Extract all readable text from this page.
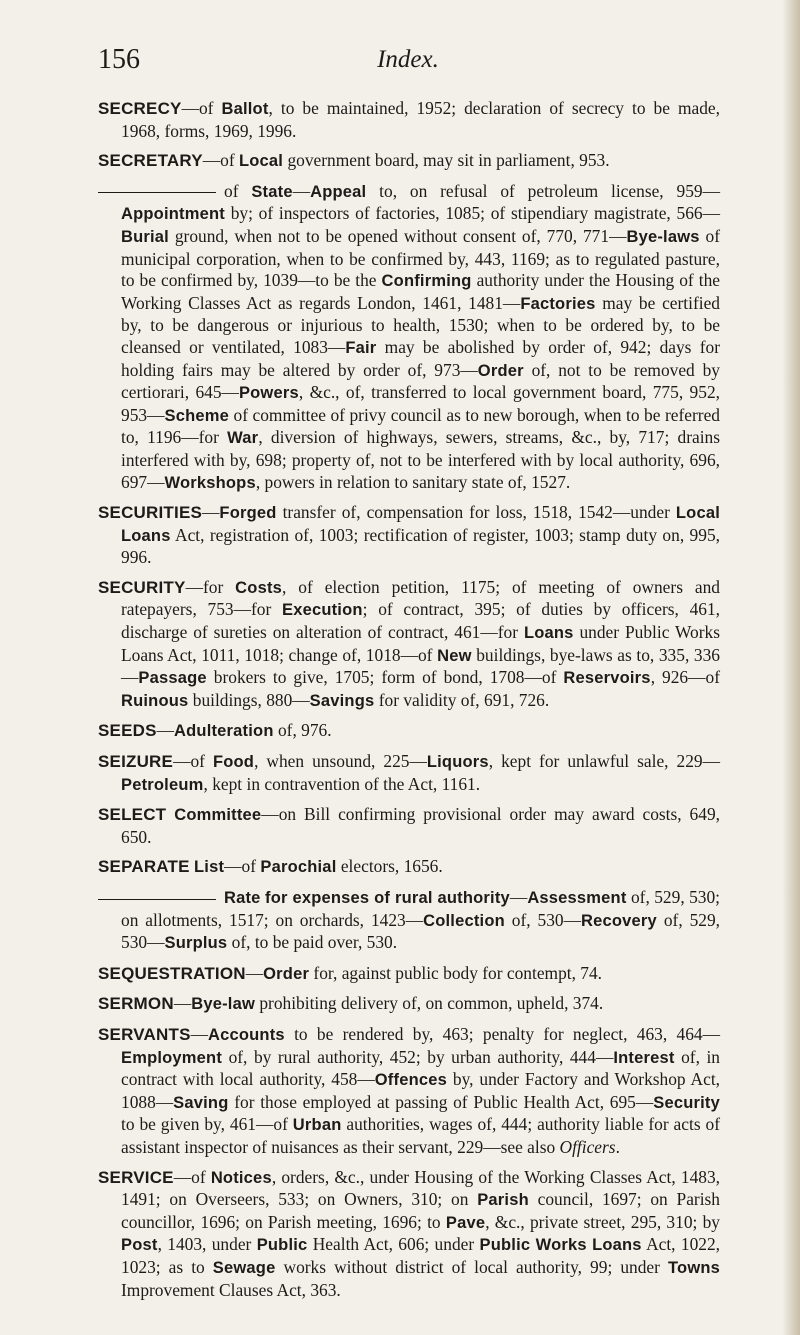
156	Index.

SECRECY—of Ballot, to be maintained, 1952; declaration of secrecy to be made, 1968, forms, 1969, 1996.

SECRETARY—of Local government board, may sit in parliament, 953.

of State—Appeal to, on refusal of petroleum license, 959—Appointment by; of inspectors of factories, 1085; of stipendiary magistrate, 566—Burial ground, when not to be opened without consent of, 770, 771—Bye-laws of municipal corporation, when to be confirmed by, 443, 1169; as to regulated pasture, to be confirmed by, 1039—to be the Confirming authority under the Housing of the Working Classes Act as regards London, 1461, 1481—Factories may be certified by, to be dangerous or injurious to health, 1530; when to be ordered by, to be cleansed or ventilated, 1083—Fair may be abolished by order of, 942; days for holding fairs may be altered by order of, 973—Order of, not to be removed by certiorari, 645—Powers, &c., of, transferred to local government board, 775, 952, 953—Scheme of committee of privy council as to new borough, when to be referred to, 1196—for War, diversion of highways, sewers, streams, &c., by, 717; drains interfered with by, 698; property of, not to be interfered with by local authority, 696, 697—Workshops, powers in relation to sanitary state of, 1527.

SECURITIES—Forged transfer of, compensation for loss, 1518, 1542—under Local Loans Act, registration of, 1003; rectification of register, 1003; stamp duty on, 995, 996.

SECURITY—for Costs, of election petition, 1175; of meeting of owners and ratepayers, 753—for Execution; of contract, 395; of duties by officers, 461, discharge of sureties on alteration of contract, 461—for Loans under Public Works Loans Act, 1011, 1018; change of, 1018—of New buildings, bye-laws as to, 335, 336—Passage brokers to give, 1705; form of bond, 1708—of Reservoirs, 926—of Ruinous buildings, 880—Savings for validity of, 691, 726.

SEEDS—Adulteration of, 976.

SEIZURE—of Food, when unsound, 225—Liquors, kept for unlawful sale, 229—Petroleum, kept in contravention of the Act, 1161.

SELECT Committee—on Bill confirming provisional order may award costs, 649, 650.

SEPARATE List—of Parochial electors, 1656.

Rate for expenses of rural authority—Assessment of, 529, 530; on allotments, 1517; on orchards, 1423—Collection of, 530—Recovery of, 529, 530—Surplus of, to be paid over, 530.

SEQUESTRATION—Order for, against public body for contempt, 74.

SERMON—Bye-law prohibiting delivery of, on common, upheld, 374.

SERVANTS—Accounts to be rendered by, 463; penalty for neglect, 463, 464—Employment of, by rural authority, 452; by urban authority, 444—Interest of, in contract with local authority, 458—Offences by, under Factory and Workshop Act, 1088—Saving for those employed at passing of Public Health Act, 695—Security to be given by, 461—of Urban authorities, wages of, 444; authority liable for acts of assistant inspector of nuisances as their servant, 229—see also Officers.

SERVICE—of Notices, orders, &c., under Housing of the Working Classes Act, 1483, 1491; on Overseers, 533; on Owners, 310; on Parish council, 1697; on Parish councillor, 1696; on Parish meeting, 1696; to Pave, &c., private street, 295, 310; by Post, 1403, under Public Health Act, 606; under Public Works Loans Act, 1022, 1023; as to Sewage works without district of local authority, 99; under Towns Improvement Clauses Act, 363.
